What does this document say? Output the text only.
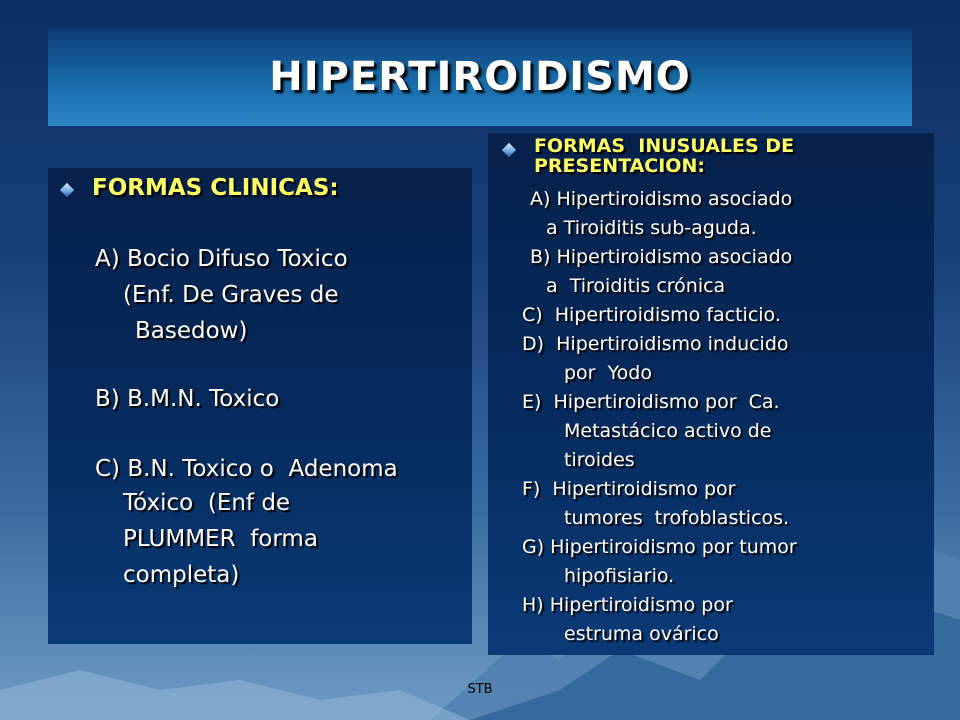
HIPERTIROIDISMO

FORMAS CLINICAS:

A) Bocio Difuso Toxico

(Enf. De Graves de

Basedow)

B) B.M.N. Toxico

C) B.N. Toxico o  Adenoma

Tóxico  (Enf de

PLUMMER  forma

completa)

FORMAS  INUSUALES DE

PRESENTACION:

A) Hipertiroidismo asociado

a Tiroiditis sub-aguda.

B) Hipertiroidismo asociado

a  Tiroiditis crónica

C)  Hipertiroidismo facticio.

D)  Hipertiroidismo inducido

por  Yodo

E)  Hipertiroidismo por  Ca.

Metastácico activo de

tiroides

F)  Hipertiroidismo por

tumores  trofoblasticos.

G) Hipertiroidismo por tumor

hipofisiario.

H) Hipertiroidismo por

estruma ovárico

STB
